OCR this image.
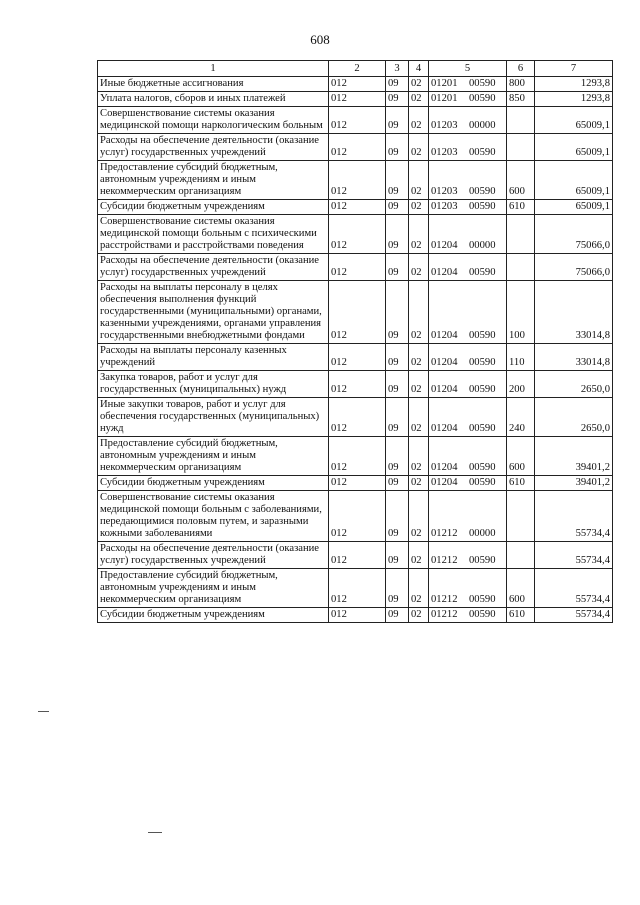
608
1	2	3	4	5	6	7
Иные бюджетные ассигнования	012	09	02	01201 00590	800	1293,8
Уплата налогов, сборов и иных платежей	012	09	02	01201 00590	850	1293,8
Совершенствование системы оказания медицинской помощи наркологическим больным	012	09	02	01203 00000		65009,1
Расходы на обеспечение деятельности (оказание услуг) государственных учреждений	012	09	02	01203 00590		65009,1
Предоставление субсидий бюджетным, автономным учреждениям и иным некоммерческим организациям	012	09	02	01203 00590	600	65009,1
Субсидии бюджетным учреждениям	012	09	02	01203 00590	610	65009,1
Совершенствование системы оказания медицинской помощи больным с психическими расстройствами и расстройствами поведения	012	09	02	01204 00000		75066,0
Расходы на обеспечение деятельности (оказание услуг) государственных учреждений	012	09	02	01204 00590		75066,0
Расходы на выплаты персоналу в целях обеспечения выполнения функций государственными (муниципальными) органами, казенными учреждениями, органами управления государственными внебюджетными фондами	012	09	02	01204 00590	100	33014,8
Расходы на выплаты персоналу казенных учреждений	012	09	02	01204 00590	110	33014,8
Закупка товаров, работ и услуг для государственных (муниципальных) нужд	012	09	02	01204 00590	200	2650,0
Иные закупки товаров, работ и услуг для обеспечения государственных (муниципальных) нужд	012	09	02	01204 00590	240	2650,0
Предоставление субсидий бюджетным, автономным учреждениям и иным некоммерческим организациям	012	09	02	01204 00590	600	39401,2
Субсидии бюджетным учреждениям	012	09	02	01204 00590	610	39401,2
Совершенствование системы оказания медицинской помощи больным с заболеваниями, передающимися половым путем, и заразными кожными заболеваниями	012	09	02	01212 00000		55734,4
Расходы на обеспечение деятельности (оказание услуг) государственных учреждений	012	09	02	01212 00590		55734,4
Предоставление субсидий бюджетным, автономным учреждениям и иным некоммерческим организациям	012	09	02	01212 00590	600	55734,4
Субсидии бюджетным учреждениям	012	09	02	01212 00590	610	55734,4
